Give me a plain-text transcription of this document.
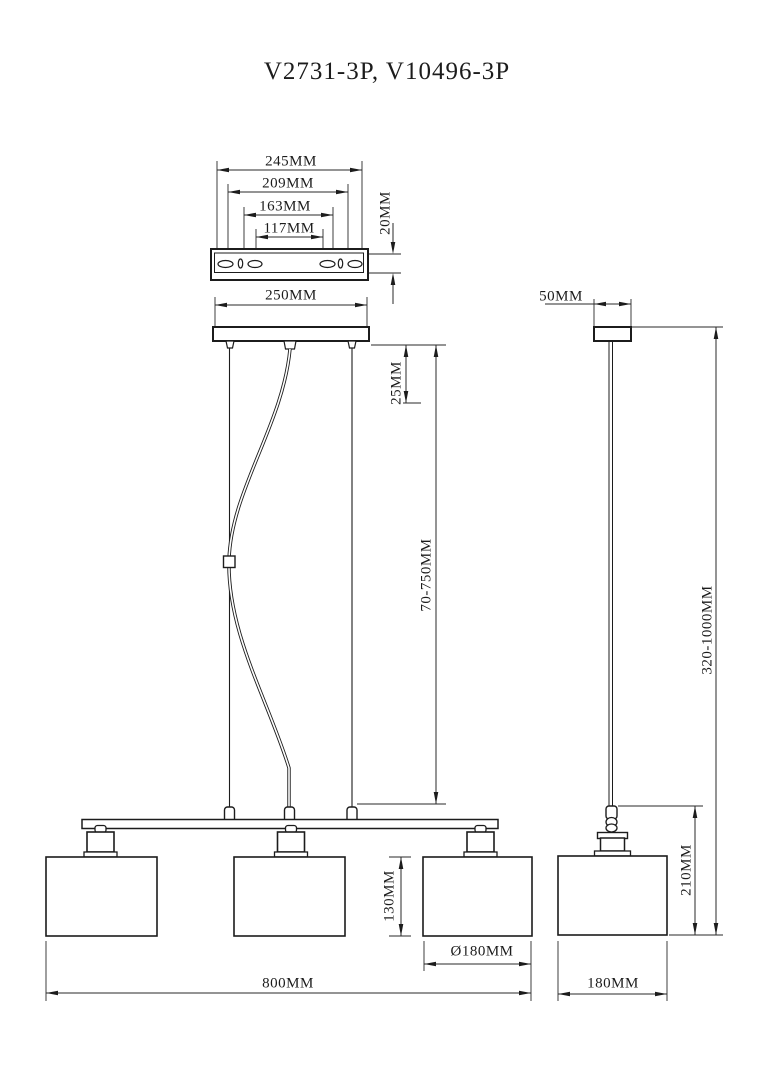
V2731-3P, V10496-3P
245MM
209MM
163MM
117MM	20MM
250MM
25MM
70-750MM
130MM
Ø180MM
800MM
50MM
320-1000MM
210MM
180MM
